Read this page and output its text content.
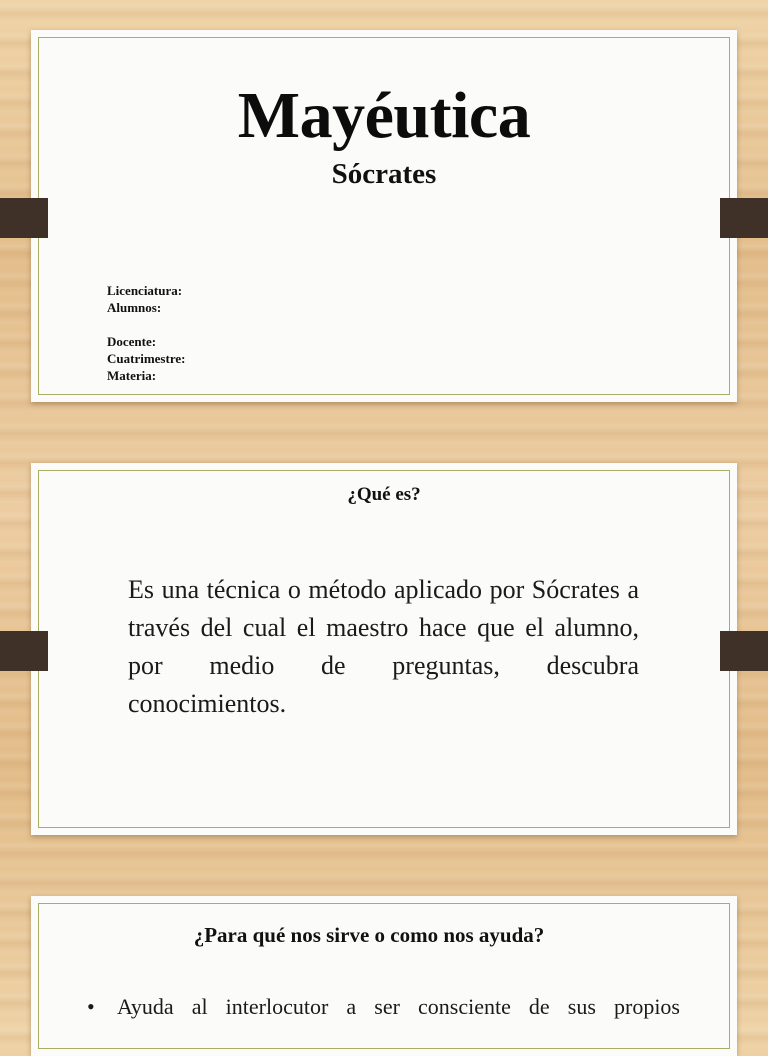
Mayéutica
Sócrates
Licenciatura:
Alumnos:
Docente:
Cuatrimestre:
Materia:
¿Qué es?
Es una técnica o método aplicado por Sócrates a través del cual el maestro hace que el alumno, por medio de preguntas, descubra conocimientos.
¿Para qué nos sirve o como nos ayuda?
•	Ayuda al interlocutor a ser consciente de sus propios
